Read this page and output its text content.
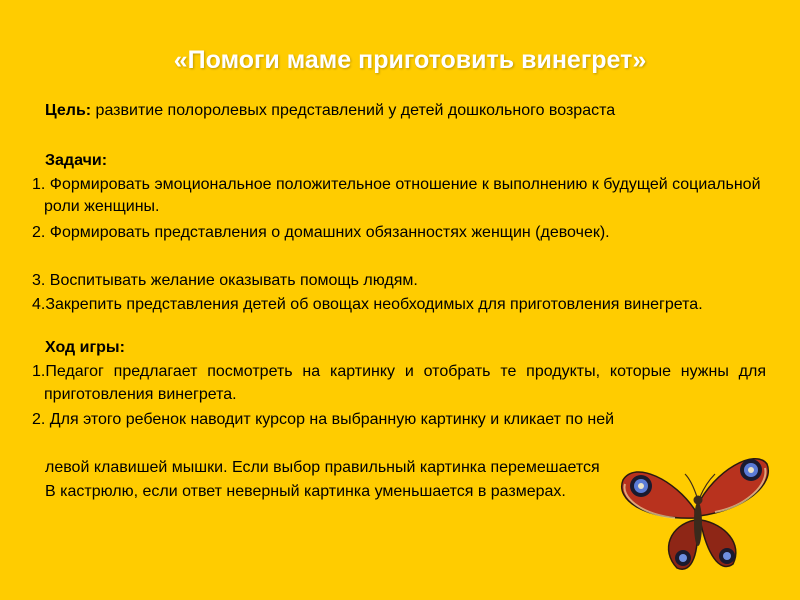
«Помоги маме приготовить винегрет»
Цель: развитие полоролевых представлений у детей дошкольного возраста
Задачи:
1. Формировать эмоциональное положительное отношение к выполнению к будущей социальной роли женщины.
2. Формировать представления о домашних обязанностях женщин (девочек).
3. Воспитывать желание оказывать помощь людям.
4.Закрепить представления детей об овощах необходимых для приготовления винегрета.
Ход игры:
1.Педагог предлагает посмотреть на картинку и отобрать те продукты, которые нужны для приготовления винегрета.
2. Для этого ребенок наводит курсор на выбранную картинку и кликает по ней
левой клавишей мышки. Если выбор правильный картинка перемешается
В кастрюлю, если ответ неверный картинка уменьшается в размерах.
